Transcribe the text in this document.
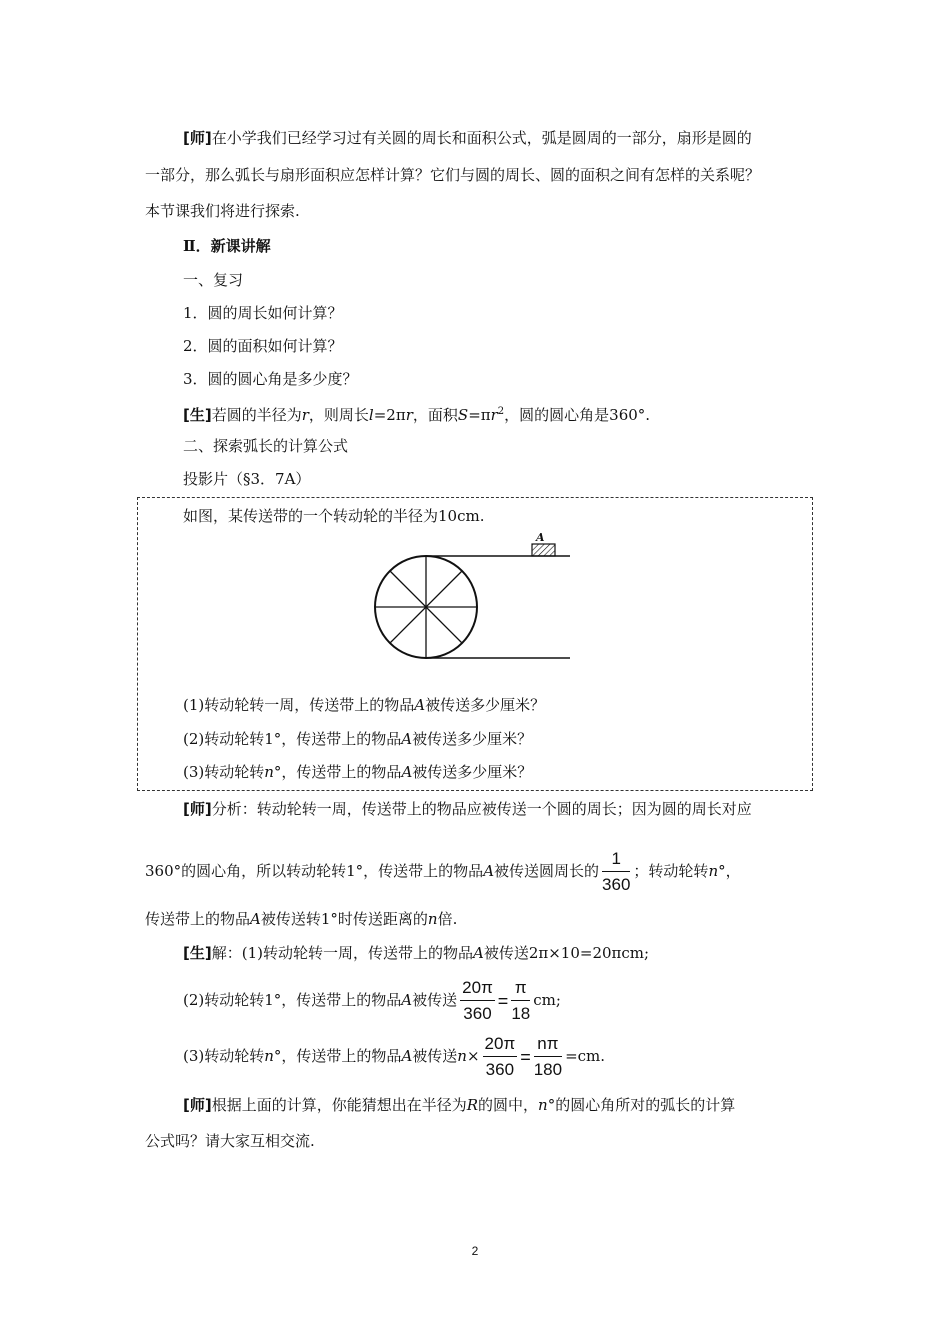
[师]在小学我们已经学习过有关圆的周长和面积公式，弧是圆周的一部分，扇形是圆的
一部分，那么弧长与扇形面积应怎样计算？它们与圆的周长、圆的面积之间有怎样的关系呢？
本节课我们将进行探索.
Ⅱ．新课讲解
一、复习
1．圆的周长如何计算？
2．圆的面积如何计算？
3．圆的圆心角是多少度？
[生]若圆的半径为r，则周长l=2πr，面积$S=\pi r^2$，圆的圆心角是360°.
二、探索弧长的计算公式
投影片（§3．7A）
如图，某传送带的一个转动轮的半径为10cm.
A
(1)转动轮转一周，传送带上的物品A被传送多少厘米？
(2)转动轮转1°，传送带上的物品A被传送多少厘米？
(3)转动轮转n°，传送带上的物品A被传送多少厘米？
[师]分析：转动轮转一周，传送带上的物品应被传送一个圆的周长；因为圆的周长对应
360°的圆心角，所以转动轮转1°，传送带上的物品A被传送圆周长的 $\frac{1}{360}$ ；转动轮转n°，
传送带上的物品A被传送转1°时传送距离的n倍.
[生]解：(1)转动轮转一周，传送带上的物品A被传送2π×10=20πcm;
(2)转动轮转1°，传送带上的物品A被传送 $\frac{20\pi}{360} = \frac{\pi}{18}$ cm;
(3)转动轮转n°，传送带上的物品A被传送$n\times \frac{20\pi}{360} = \frac{n\pi}{180} =cm$.
[师]根据上面的计算，你能猜想出在半径为R的圆中，n°的圆心角所对的弧长的计算
公式吗？请大家互相交流.
2
